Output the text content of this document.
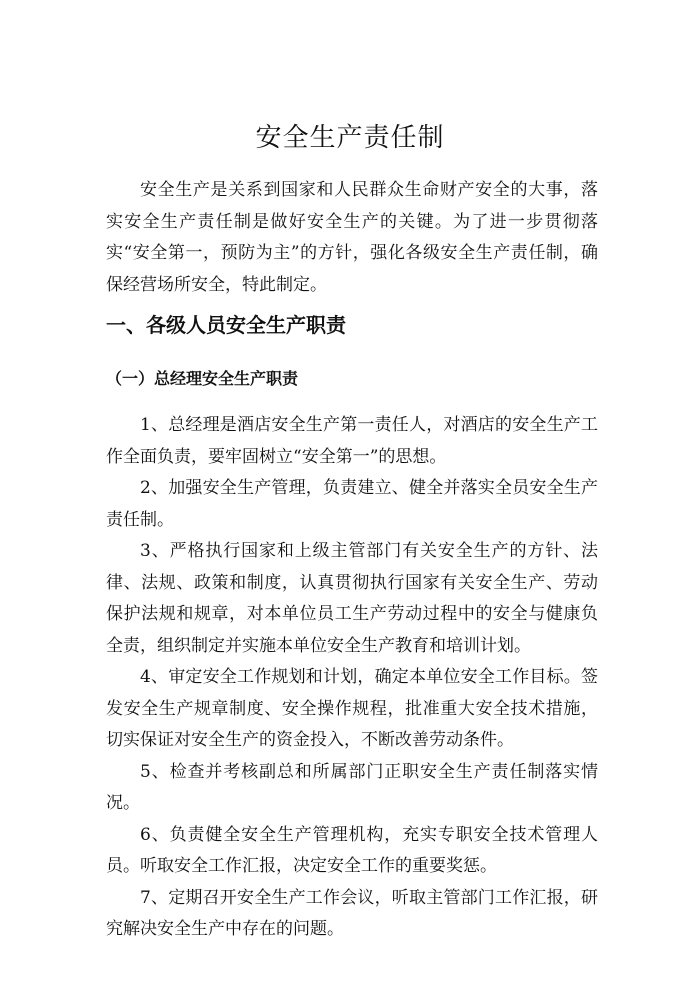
安全生产责任制

安全生产是关系到国家和人民群众生命财产安全的大事，落实安全生产责任制是做好安全生产的关键。为了进一步贯彻落实“安全第一，预防为主”的方针，强化各级安全生产责任制，确保经营场所安全，特此制定。

一、各级人员安全生产职责
（一）总经理安全生产职责

1、总经理是酒店安全生产第一责任人，对酒店的安全生产工作全面负责，要牢固树立“安全第一”的思想。

2、加强安全生产管理，负责建立、健全并落实全员安全生产责任制。

3、严格执行国家和上级主管部门有关安全生产的方针、法律、法规、政策和制度，认真贯彻执行国家有关安全生产、劳动保护法规和规章，对本单位员工生产劳动过程中的安全与健康负全责，组织制定并实施本单位安全生产教育和培训计划。

4、审定安全工作规划和计划，确定本单位安全工作目标。签发安全生产规章制度、安全操作规程，批准重大安全技术措施，切实保证对安全生产的资金投入，不断改善劳动条件。

5、检查并考核副总和所属部门正职安全生产责任制落实情况。

6、负责健全安全生产管理机构，充实专职安全技术管理人员。听取安全工作汇报，决定安全工作的重要奖惩。

7、定期召开安全生产工作会议，听取主管部门工作汇报，研究解决安全生产中存在的问题。
